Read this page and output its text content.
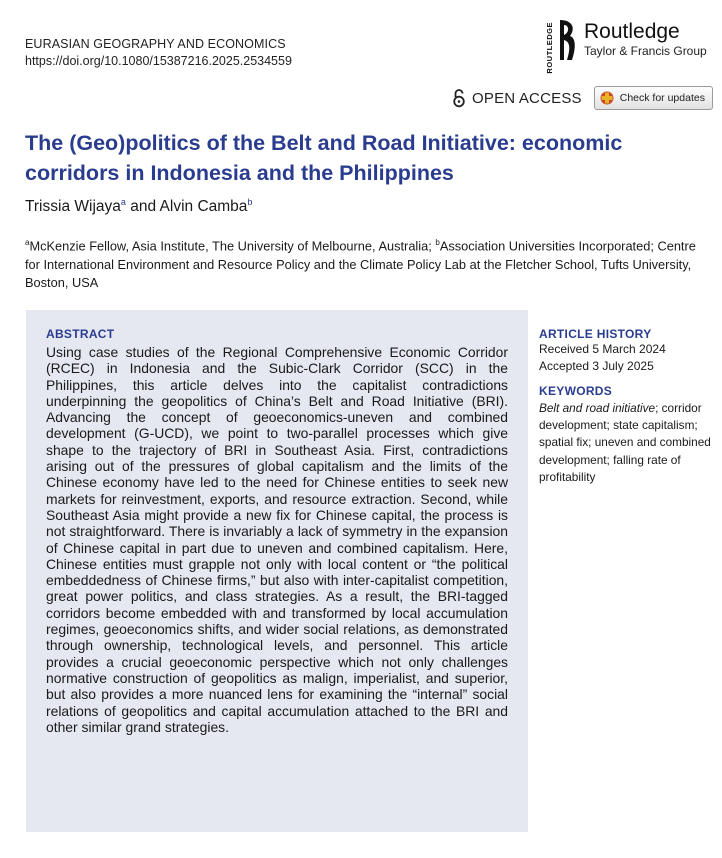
EURASIAN GEOGRAPHY AND ECONOMICS
https://doi.org/10.1080/15387216.2025.2534559	ROUTLEDGE Routledge
Taylor & Francis Group
OPEN ACCESS	Check for updates
The (Geo)politics of the Belt and Road Initiative: economic corridors in Indonesia and the Philippines
Trissia Wijaya$^a$ and Alvin Camba$^b$
$^a$McKenzie Fellow, Asia Institute, The University of Melbourne, Australia; $^b$Association Universities Incorporated; Centre for International Environment and Resource Policy and the Climate Policy Lab at the Fletcher School, Tufts University, Boston, USA
ABSTRACT

Using case studies of the Regional Comprehensive Economic Corridor (RCEC) in Indonesia and the Subic-Clark Corridor (SCC) in the Philippines, this article delves into the capitalist contradictions underpinning the geopolitics of China’s Belt and Road Initiative (BRI). Advancing the concept of geoeconomics-uneven and combined development (G-UCD), we point to two-parallel processes which give shape to the trajectory of BRI in Southeast Asia. First, contradictions arising out of the pressures of global capitalism and the limits of the Chinese economy have led to the need for Chinese entities to seek new markets for reinvestment, exports, and resource extraction. Second, while Southeast Asia might provide a new fix for Chinese capital, the process is not straightforward. There is invariably a lack of symmetry in the expansion of Chinese capital in part due to uneven and combined capitalism. Here, Chinese entities must grapple not only with local content or “the political embeddedness of Chinese firms,” but also with inter-capitalist competition, great power politics, and class strategies. As a result, the BRI-tagged corridors become embedded with and transformed by local accumulation regimes, geoeconomics shifts, and wider social relations, as demonstrated through ownership, technological levels, and personnel. This article provides a crucial geoeconomic perspective which not only challenges normative construction of geopolitics as malign, imperialist, and superior, but also provides a more nuanced lens for examining the “internal” social relations of geopolitics and capital accumulation attached to the BRI and other similar grand strategies.

ARTICLE HISTORY
Received 5 March 2024
Accepted 3 July 2025
KEYWORDS
Belt and road initiative; corridor development; state capitalism; spatial fix; uneven and combined development; falling rate of profitability
